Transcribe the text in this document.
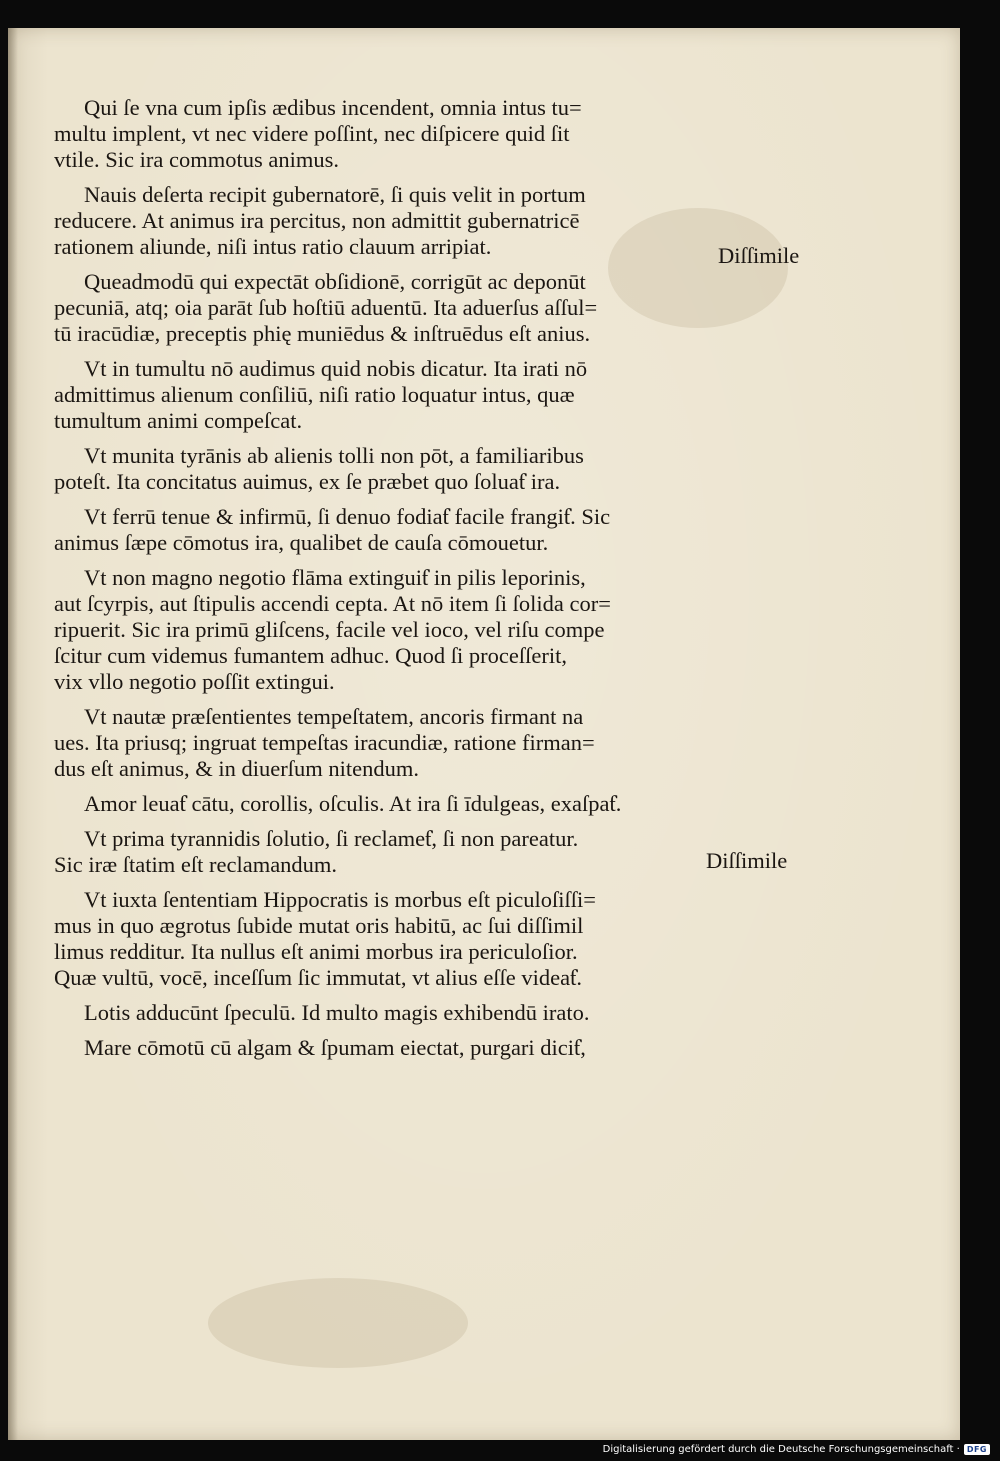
Qui ſe vna cum ipſis ædibus incendent, omnia intus tu=
multu implent, vt nec videre poſſint, nec diſpicere quid ſit
vtile. Sic ira commotus animus.
Nauis deſerta recipit gubernatorē, ſi quis velit in portum
reducere. At animus ira percitus, non admittit gubernatricē
rationem aliunde, niſi intus ratio clauum arripiat.
Queadmodū qui expectāt obſidionē, corrigūt ac deponūt
pecuniā, atq; oia parāt ſub hoſtiū aduentū. Ita aduerſus aſſul=
tū iracūdiæ, preceptis phię muniēdus & inſtruēdus eſt anius.
Vt in tumultu nō audimus quid nobis dicatur. Ita irati nō
admittimus alienum conſiliū, niſi ratio loquatur intus, quæ
tumultum animi compeſcat.
Vt munita tyrānis ab alienis tolli non pōt, a familiaribus
poteſt. Ita concitatus auimus, ex ſe præbet quo ſoluaƭ ira.
Vt ferrū tenue & infirmū, ſi denuo fodiaƭ facile frangiƭ. Sic
animus ſæpe cōmotus ira, qualibet de cauſa cōmouetur.
Vt non magno negotio flāma extinguiƭ in pilis leporinis,
aut ſcyrpis, aut ſtipulis accendi cepta. At nō item ſi ſolida cor=
ripuerit. Sic ira primū gliſcens, facile vel ioco, vel riſu compe
ſcitur cum videmus fumantem adhuc. Quod ſi proceſſerit,
vix vllo negotio poſſit extingui.
Vt nautæ præſentientes tempeſtatem, ancoris firmant na
ues. Ita priusq; ingruat tempeſtas iracundiæ, ratione firman=
dus eſt animus, & in diuerſum nitendum.
Amor leuaƭ cātu, corollis, oſculis. At ira ſi īdulgeas, exaſpaƭ.
Vt prima tyrannidis ſolutio, ſi reclameƭ, ſi non pareatur.
Sic iræ ſtatim eſt reclamandum.
Vt iuxta ſententiam Hippocratis is morbus eſt piculoſiſſi=
mus in quo ægrotus ſubide mutat oris habitū, ac ſui diſſimil
limus redditur. Ita nullus eſt animi morbus ira periculoſior.
Quæ vultū, vocē, inceſſum ſic immutat, vt alius eſſe videaƭ.
Lotis adducūnt ſpeculū. Id multo magis exhibendū irato.
Mare cōmotū cū algam & ſpumam eiectat, purgari diciƭ,
Diſſimile
Diſſimile
Digitalisierung gefördert durch die Deutsche Forschungsgemeinschaft · DFG
